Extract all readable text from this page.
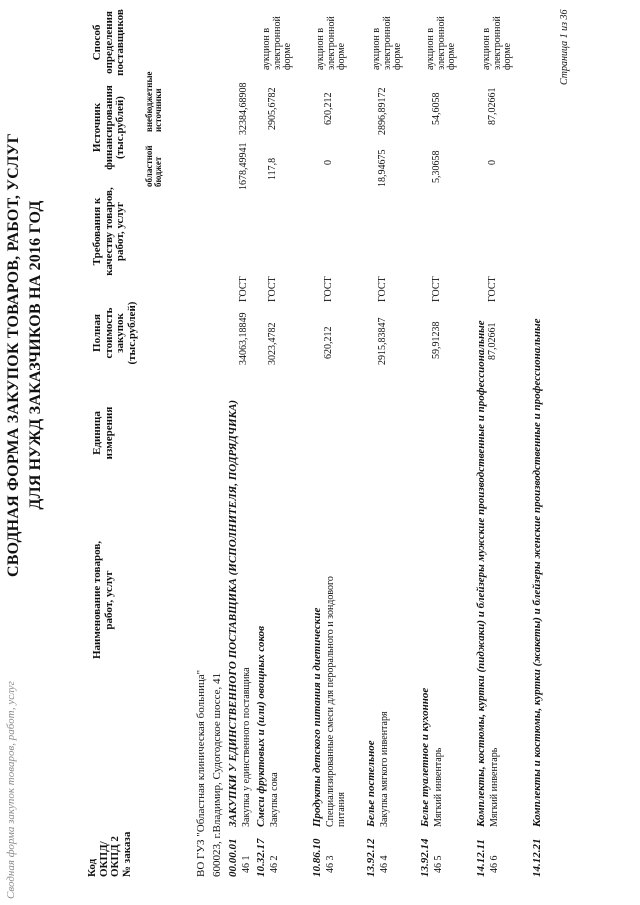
Сводная форма закупок товаров, работ, услуг
СВОДНАЯ ФОРМА ЗАКУПОК ТОВАРОВ, РАБОТ, УСЛУГ ДЛЯ НУЖД ЗАКАЗЧИКОВ НА 2016 ГОД
Код ОКПД/ ОКПД 2 № заказа
Наименование товаров, работ, услуг
Единица измерения
Полная стоимость закупок (тыс.рублей)
Требования к качеству товаров, работ, услуг
Источник финансирования (тыс.рублей)
областной бюджет
внебюджетные источники
Способ определения поставщиков
ВО ГУЗ "Областная клиническая больница" 600023, г.Владимир, Судогодское шоссе, 41 00.00.01
ЗАКУПКИ У ЕДИНСТВЕННОГО ПОСТАВЩИКА (ИСПОЛНИТЕЛЯ, ПОДРЯДЧИКА)
46 1
Закупка у единственного поставщика
34063,18849
ГОСТ
1678,49941
32384,68908
10.32.17
Смеси фруктовых и (или) овощных соков
46 2
Закупка сока
3023,4782
ГОСТ
117,8
2905,6782
аукцион в электронной форме
10.86.10
Продукты детского питания и диетические
46 3
Специализированные смеси для перорального и зондового питания
620,212
ГОСТ
0
620,212
аукцион в электронной форме
13.92.12
Белье постельное
46 4
Закупка мягкого инвентаря
2915,83847
ГОСТ
18,94675
2896,89172
аукцион в электронной форме
13.92.14
Белье туалетное и кухонное
46 5
Мягкий инвентарь
59,91238
ГОСТ
5,30658
54,6058
аукцион в электронной форме
14.12.11
Комплекты, костюмы, куртки (пиджаки) и блейзеры мужские производственные и профессиональные
46 6
Мягкий инвентарь
87,02661
ГОСТ
0
87,02661
аукцион в электронной форме
14.12.21
Комплекты и костюмы, куртки (жакеты) и блейзеры женские производственные и профессиональные
Страница 1 из 36
